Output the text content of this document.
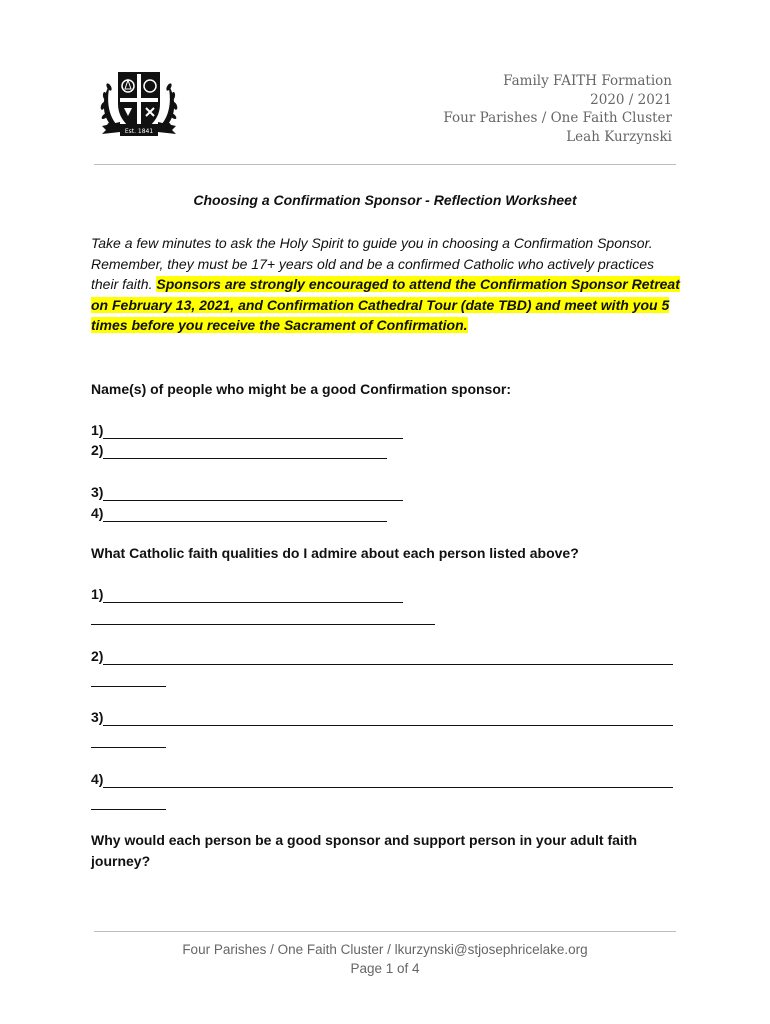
Est. 1841
Family FAITH Formation
2020 / 2021
Four Parishes / One Faith Cluster
Leah Kurzynski
Choosing a Confirmation Sponsor - Reflection Worksheet
Take a few minutes to ask the Holy Spirit to guide you in choosing a Confirmation Sponsor. Remember, they must be 17+ years old and be a confirmed Catholic who actively practices their faith. Sponsors are strongly encouraged to attend the Confirmation Sponsor Retreat on February 13, 2021, and Confirmation Cathedral Tour (date TBD) and meet with you 5 times before you receive the Sacrament of Confirmation.
Name(s) of people who might be a good Confirmation sponsor:
1)
2)
3)
4)
What Catholic faith qualities do I admire about each person listed above?
1)
2)
3)
4)
Why would each person be a good sponsor and support person in your adult faith journey?
Four Parishes / One Faith Cluster / lkurzynski@stjosephricelake.org
Page 1 of 4
